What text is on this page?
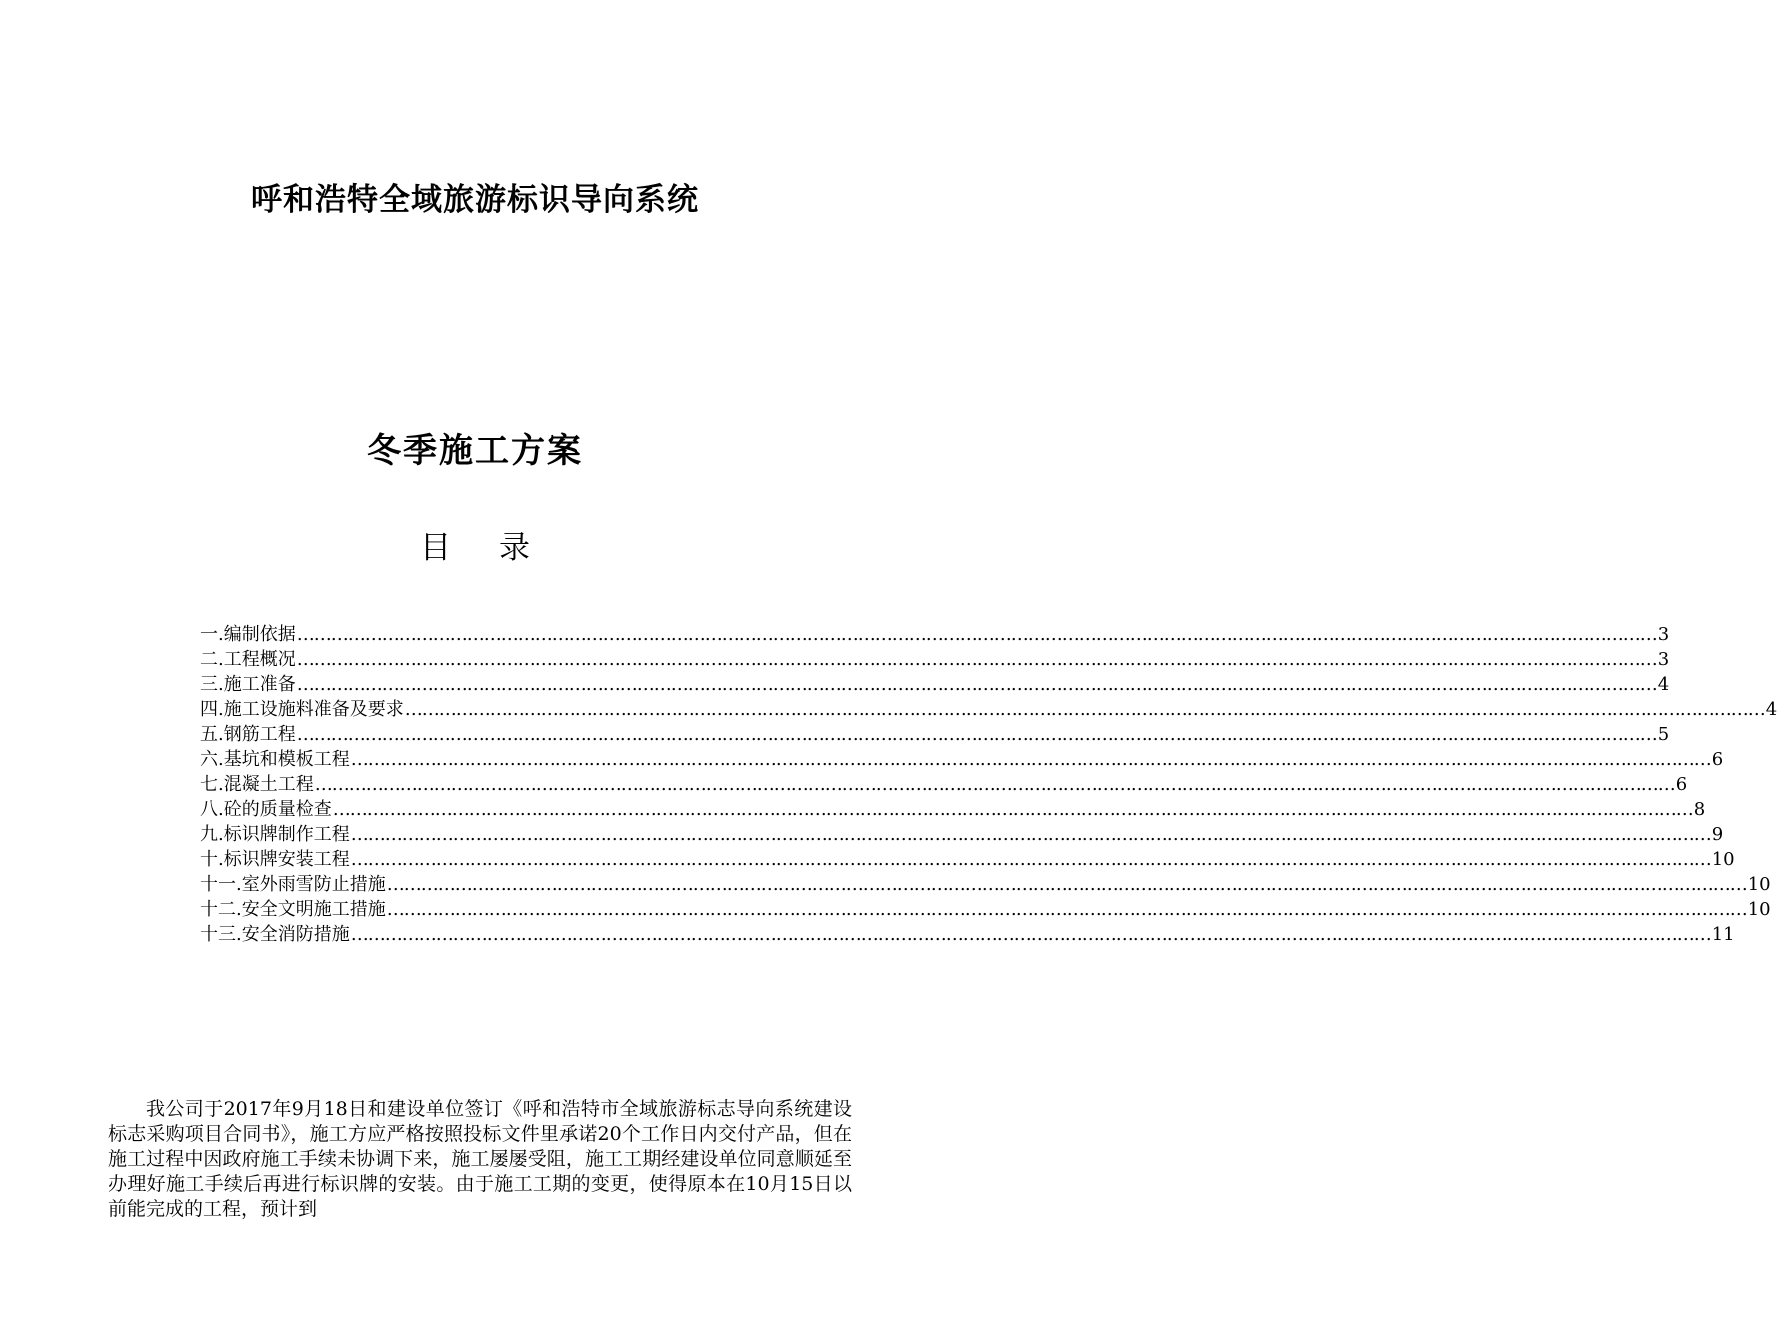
呼和浩特全域旅游标识导向系统
冬季施工方案
目录
一.编制依据 …………………………………………………………………………………………………………………………………………………………………………………………………………………… 3
二.工程概况 …………………………………………………………………………………………………………………………………………………………………………………………………………………… 3
三.施工准备 …………………………………………………………………………………………………………………………………………………………………………………………………………………… 4
四.施工设施料准备及要求 …………………………………………………………………………………………………………………………………………………………………………………………………………………… 4
五.钢筋工程 …………………………………………………………………………………………………………………………………………………………………………………………………………………… 5
六.基坑和模板工程 …………………………………………………………………………………………………………………………………………………………………………………………………………………… 6
七.混凝土工程 …………………………………………………………………………………………………………………………………………………………………………………………………………………… 6
八.砼的质量检查 …………………………………………………………………………………………………………………………………………………………………………………………………………………… 8
九.标识牌制作工程 …………………………………………………………………………………………………………………………………………………………………………………………………………………… 9
十.标识牌安装工程 …………………………………………………………………………………………………………………………………………………………………………………………………………………… 10
十一.室外雨雪防止措施 …………………………………………………………………………………………………………………………………………………………………………………………………………………… 10
十二.安全文明施工措施 …………………………………………………………………………………………………………………………………………………………………………………………………………………… 10
十三.安全消防措施 …………………………………………………………………………………………………………………………………………………………………………………………………………………… 11

我公司于2017年9月18日和建设单位签订《呼和浩特市全域旅游标志导向系统建设标志采购项目合同书》，施工方应严格按照投标文件里承诺20个工作日内交付产品，但在施工过程中因政府施工手续未协调下来，施工屡屡受阻，施工工期经建设单位同意顺延至办理好施工手续后再进行标识牌的安装。由于施工工期的变更，使得原本在10月15日以前能完成的工程，预计到
